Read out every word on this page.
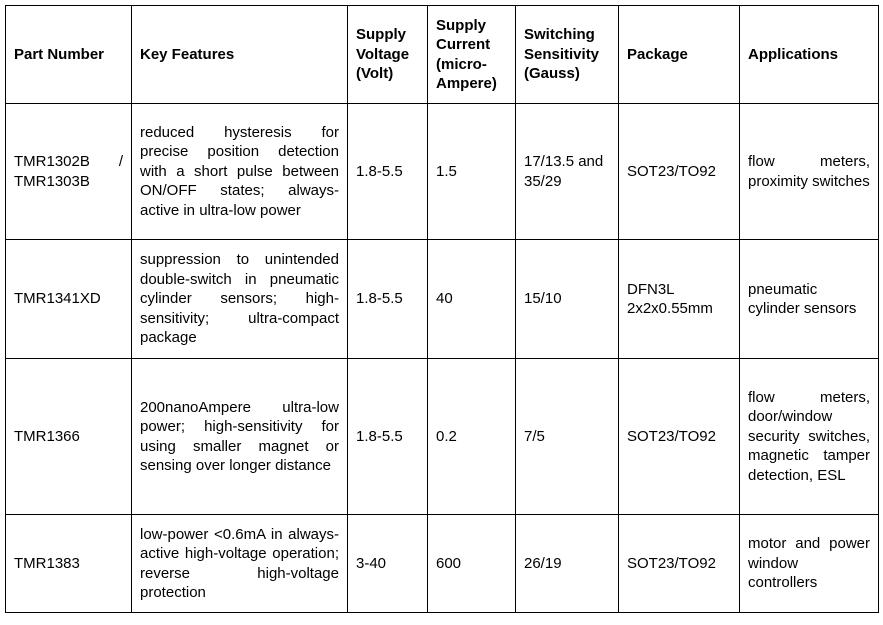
Part Number	Key Features	Supply Voltage (Volt)	Supply Current (micro-Ampere)	Switching Sensitivity (Gauss)	Package	Applications
TMR1302B / TMR1303B	reduced hysteresis for precise position detection with a short pulse between ON/OFF states; always-active in ultra-low power	1.8-5.5	1.5	17/13.5 and 35/29	SOT23/TO92	flow meters, proximity switches
TMR1341XD	suppression to unintended double-switch in pneumatic cylinder sensors; high-sensitivity; ultra-compact package	1.8-5.5	40	15/10	DFN3L 2x2x0.55mm	pneumatic cylinder sensors
TMR1366	200nanoAmpere ultra-low power; high-sensitivity for using smaller magnet or sensing over longer distance	1.8-5.5	0.2	7/5	SOT23/TO92	flow meters, door/window security switches, magnetic tamper detection, ESL
TMR1383	low-power <0.6mA in always-active high-voltage operation; reverse high-voltage protection	3-40	600	26/19	SOT23/TO92	motor and power window controllers
